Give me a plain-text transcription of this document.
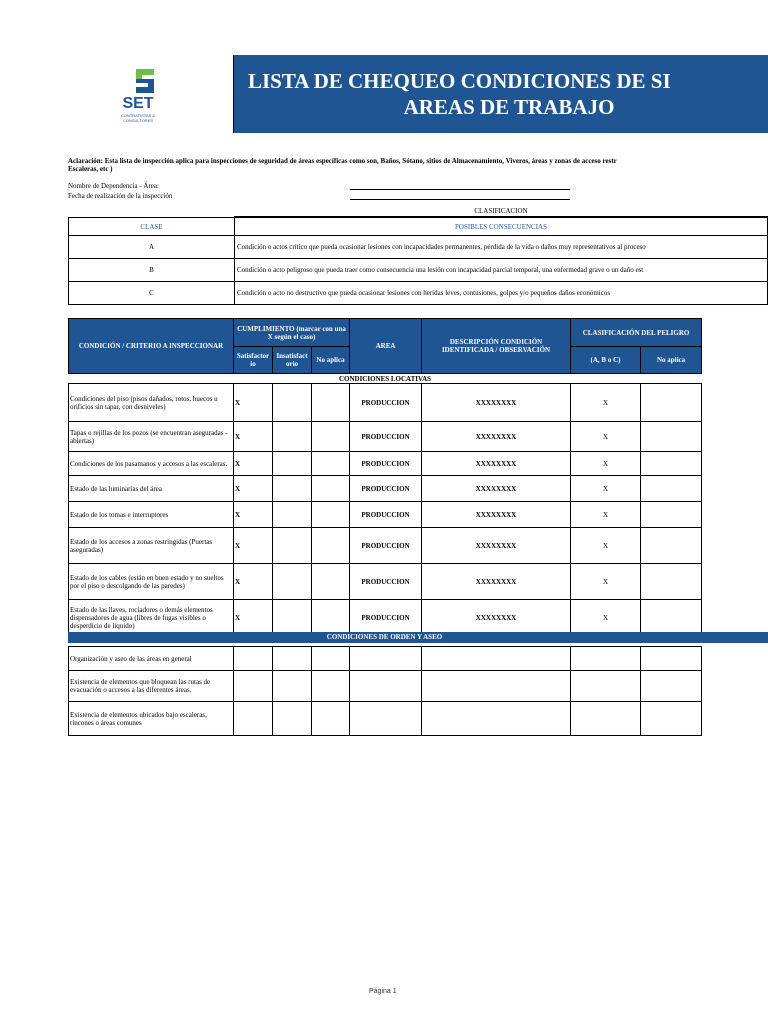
SET
CONTRATISTAS &
CONSULTORES
LISTA DE CHEQUEO CONDICIONES DE SI
AREAS DE TRABAJO
Aclaración: Esta lista de inspección aplica para inspecciones de seguridad de áreas específicas como son, Baños, Sótano, sitios de Almacenamiento, Viveros, áreas y zonas de acceso restr
Escaleras, etc )
Nombre de Dependencia - Área:
Fecha de realización de la inspección
CLASIFICACION
CLASE	POSIBLES CONSECUENCIAS
A	Condición o actos crítico que pueda ocasionar lesiones con incapacidades permanentes, pérdida de la vida o daños muy representativos al proceso
B	Condición o acto peligroso que pueda traer como consecuencia una lesión con incapacidad parcial temporal, una enfermedad grave o un daño est
C	Condición o acto no destructivo que pueda ocasionar lesiones con heridas leves, contusiones, golpes y/o pequeños daños económicos
CONDICIÓN / CRITERIO A INSPECCIONAR	CUMPLIMIENTO (marcar con una X según el caso)			AREA	DESCRIPCIÓN CONDICIÓN IDENTIFICADA / OBSERVACIÓN	CLASIFICACIÓN DEL PELIGRO	
	Satisfactor io	Insatisfact orio	No aplica			(A, B o C)	No aplica
CONDICIONES LOCATIVAS							
Condiciones del piso (pisos dañados, rotos, huecos u orificios sin tapar, con desniveles)	X			PRODUCCION	XXXXXXXX	X	
Tapas o rejillas de los pozos (se encuentran aseguradas - abiertas)	X			PRODUCCION	XXXXXXXX	X	
Condiciones de los pasamanos y accesos a las escaleras.	X			PRODUCCION	XXXXXXXX	X	
Estado de las luminarias del área	X			PRODUCCION	XXXXXXXX	X	
Estado de los tomas e interruptores	X			PRODUCCION	XXXXXXXX	X	
Estado de los accesos a zonas restringidas (Puertas aseguradas)	X			PRODUCCION	XXXXXXXX	X	
Estado de los cables (están en buen estado y no sueltos por el piso o descolgando de las paredes)	X			PRODUCCION	XXXXXXXX	X	
Estado de las llaves, rociadores o demás elementos dispensadores de agua (libres de fugas visibles o desperdicio de liquido)	X			PRODUCCION	XXXXXXXX	X	

Organización y aseo de las áreas en general							
Existencia de elementos que bloquean las rutas de evacuación o accesos a las diferentes áreas.							
Existencia de elementos ubicados bajo escaleras, rincones o áreas comunes							
CONDICIONES DE ORDEN Y ASEO
Página 1
